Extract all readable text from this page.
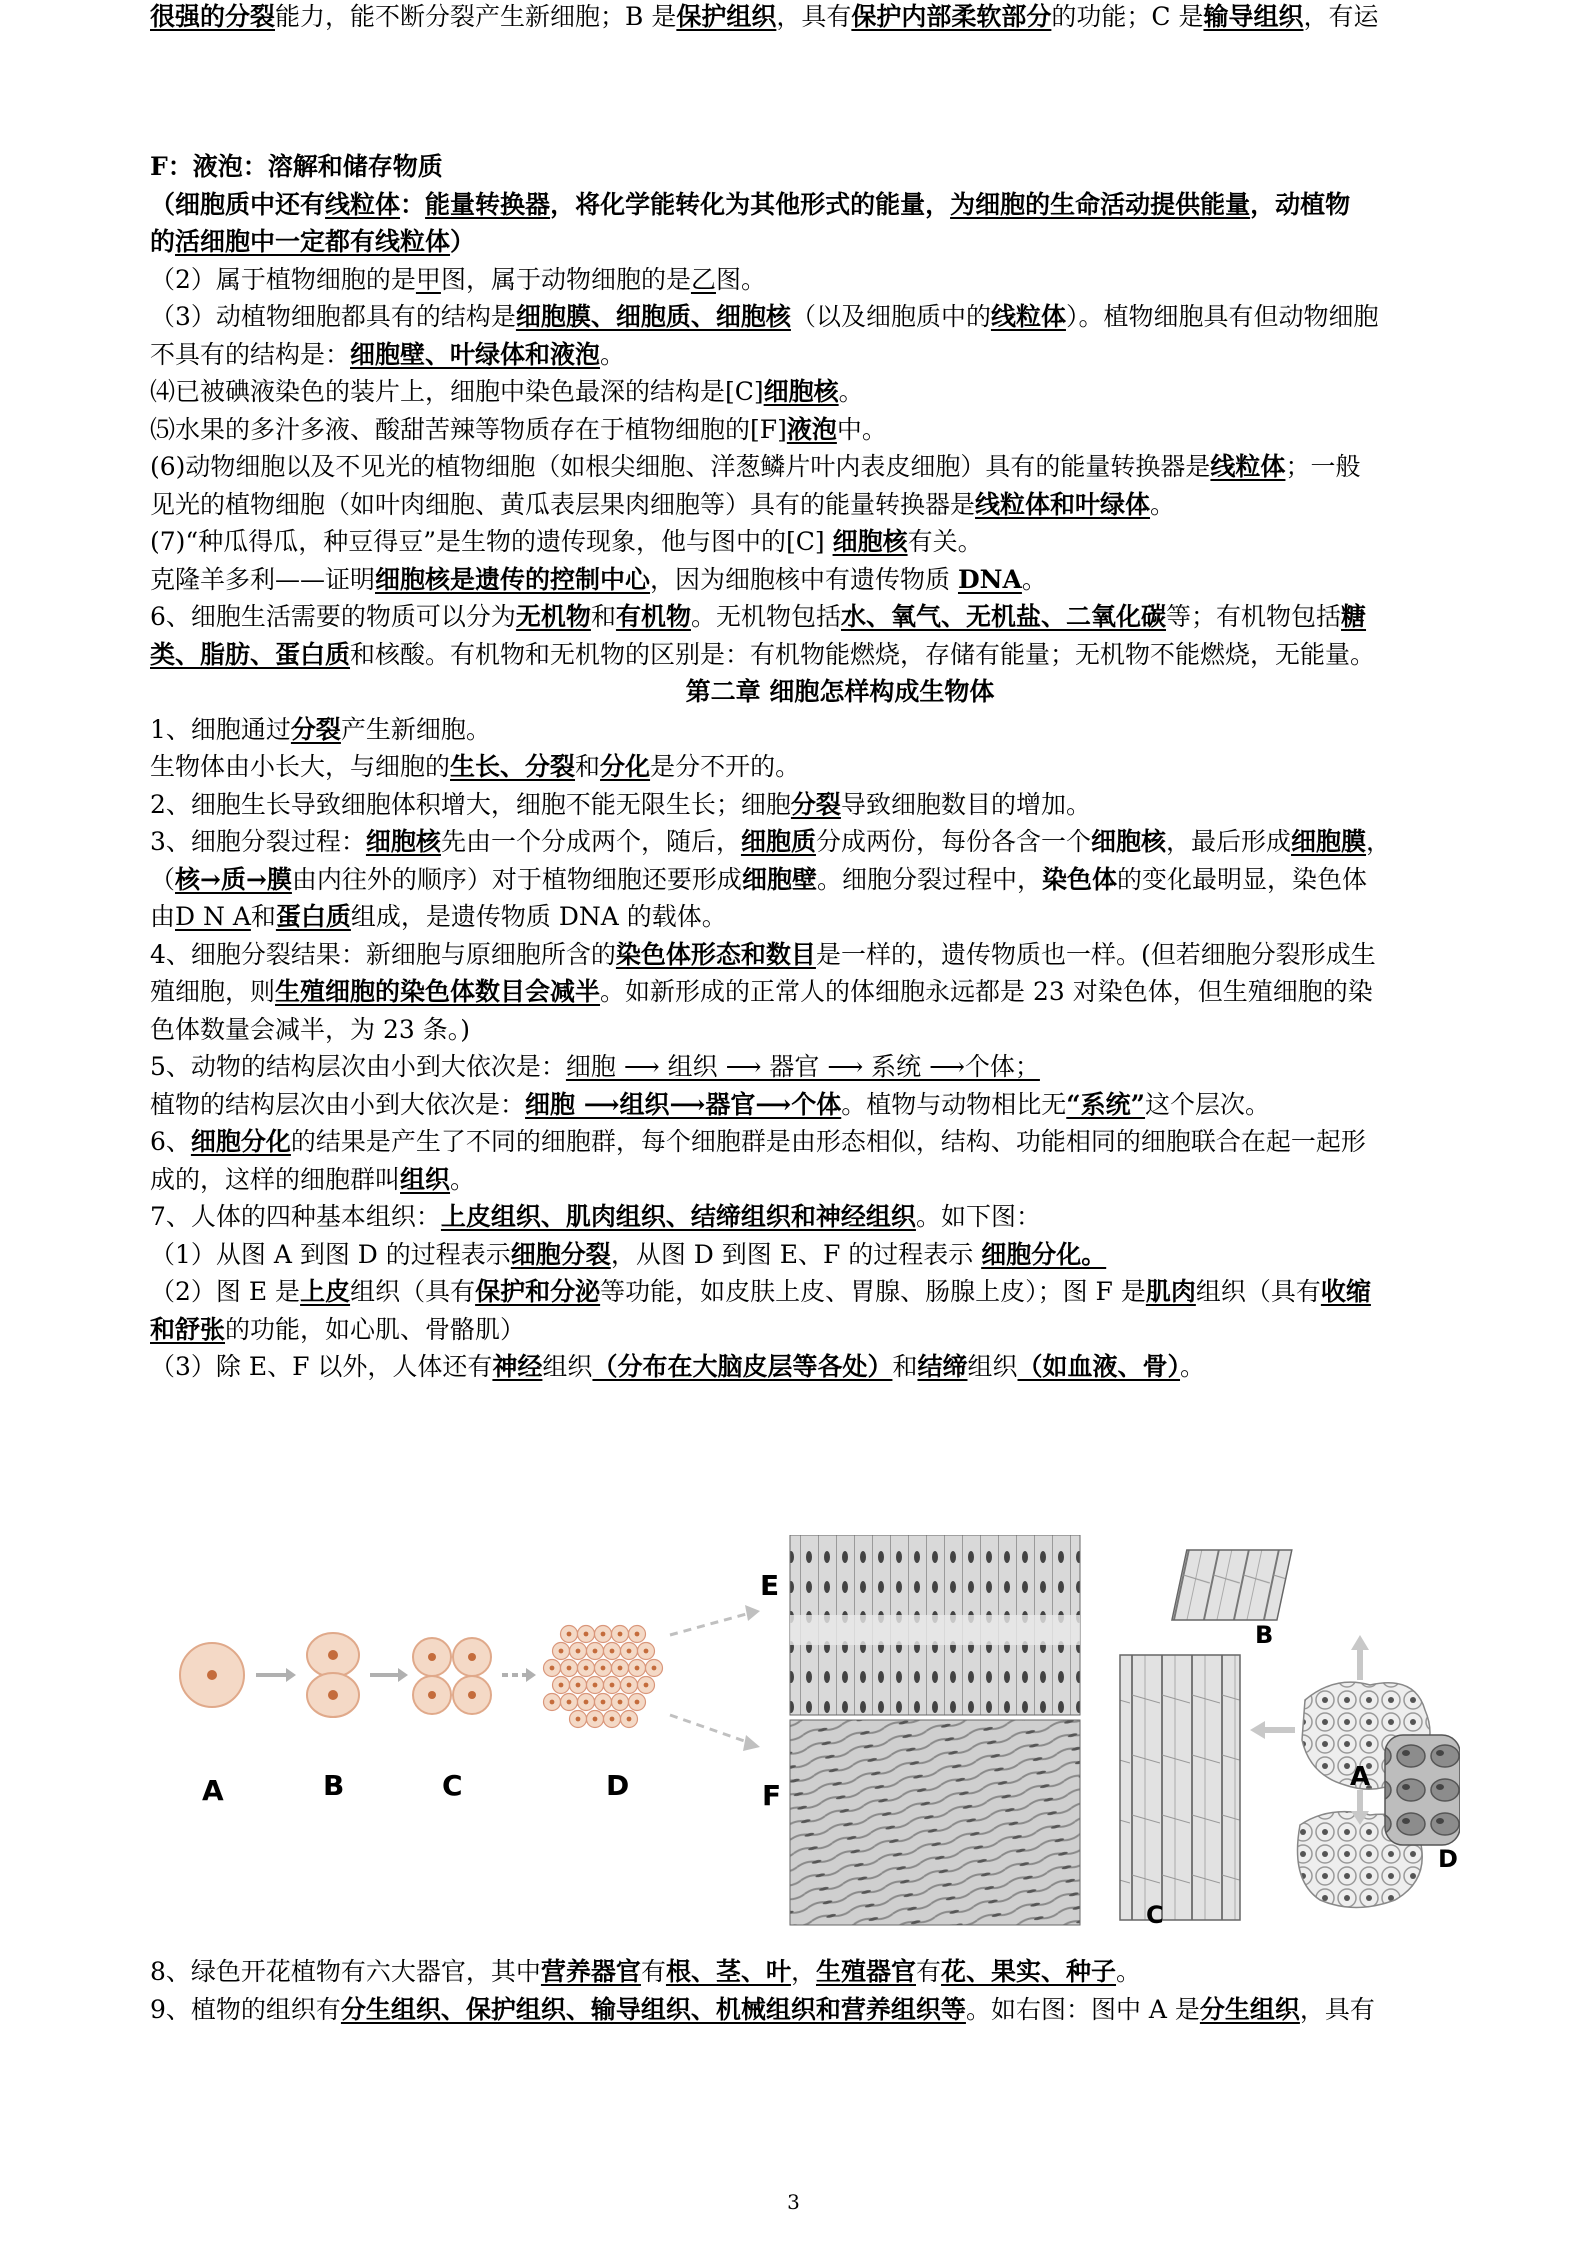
F：液泡：溶解和储存物质
（细胞质中还有线粒体：能量转换器，将化学能转化为其他形式的能量，为细胞的生命活动提供能量，动植物
的活细胞中一定都有线粒体）
（2）属于植物细胞的是甲图，属于动物细胞的是乙图。
（3）动植物细胞都具有的结构是细胞膜、细胞质、细胞核（以及细胞质中的线粒体）。植物细胞具有但动物细胞
不具有的结构是：细胞壁、叶绿体和液泡。
⑷已被碘液染色的装片上，细胞中染色最深的结构是[C]细胞核。
⑸水果的多汁多液、酸甜苦辣等物质存在于植物细胞的[F]液泡中。
(6)动物细胞以及不见光的植物细胞（如根尖细胞、洋葱鳞片叶内表皮细胞）具有的能量转换器是线粒体；一般
见光的植物细胞（如叶肉细胞、黄瓜表层果肉细胞等）具有的能量转换器是线粒体和叶绿体。
(7)“种瓜得瓜，种豆得豆”是生物的遗传现象，他与图中的[C] 细胞核有关。
克隆羊多利——证明细胞核是遗传的控制中心，因为细胞核中有遗传物质 DNA。
6、细胞生活需要的物质可以分为无机物和有机物。无机物包括水、氧气、无机盐、二氧化碳等；有机物包括糖
类、脂肪、蛋白质和核酸。有机物和无机物的区别是：有机物能燃烧，存储有能量；无机物不能燃烧，无能量。
第二章 细胞怎样构成生物体
1、细胞通过分裂产生新细胞。
生物体由小长大，与细胞的生长、分裂和分化是分不开的。
2、细胞生长导致细胞体积增大，细胞不能无限生长；细胞分裂导致细胞数目的增加。
3、细胞分裂过程：细胞核先由一个分成两个，随后，细胞质分成两份，每份各含一个细胞核，最后形成细胞膜，
（核→质→膜由内往外的顺序）对于植物细胞还要形成细胞壁。细胞分裂过程中，染色体的变化最明显，染色体
由D N A和蛋白质组成，是遗传物质 DNA 的载体。
4、细胞分裂结果：新细胞与原细胞所含的染色体形态和数目是一样的，遗传物质也一样。(但若细胞分裂形成生
殖细胞，则生殖细胞的染色体数目会减半。如新形成的正常人的体细胞永远都是 23 对染色体，但生殖细胞的染
色体数量会减半，为 23 条。)
5、动物的结构层次由小到大依次是：细胞 ⟶ 组织 ⟶ 器官 ⟶ 系统 ⟶个体；
植物的结构层次由小到大依次是：细胞 ⟶组织⟶器官⟶个体。植物与动物相比无“系统”这个层次。
6、细胞分化的结果是产生了不同的细胞群，每个细胞群是由形态相似，结构、功能相同的细胞联合在起一起形
成的，这样的细胞群叫组织。
7、人体的四种基本组织：上皮组织、肌肉组织、结缔组织和神经组织。如下图：
（1）从图 A 到图 D 的过程表示细胞分裂，从图 D 到图 E、F 的过程表示 细胞分化。
（2）图 E 是上皮组织（具有保护和分泌等功能，如皮肤上皮、胃腺、肠腺上皮）；图 F 是肌肉组织（具有收缩
和舒张的功能，如心肌、骨骼肌）
（3）除 E、F 以外，人体还有神经组织（分布在大脑皮层等各处）和结缔组织（如血液、骨）。
8、绿色开花植物有六大器官，其中营养器官有根、茎、叶，生殖器官有花、果实、种子。
9、植物的组织有分生组织、保护组织、输导组织、机械组织和营养组织等。如右图：图中 A 是分生组织，具有
很强的分裂能力，能不断分裂产生新细胞；B 是保护组织，具有保护内部柔软部分的功能；C 是输导组织，有运
A	B	C	D
E
F
A
B
C
D
3
